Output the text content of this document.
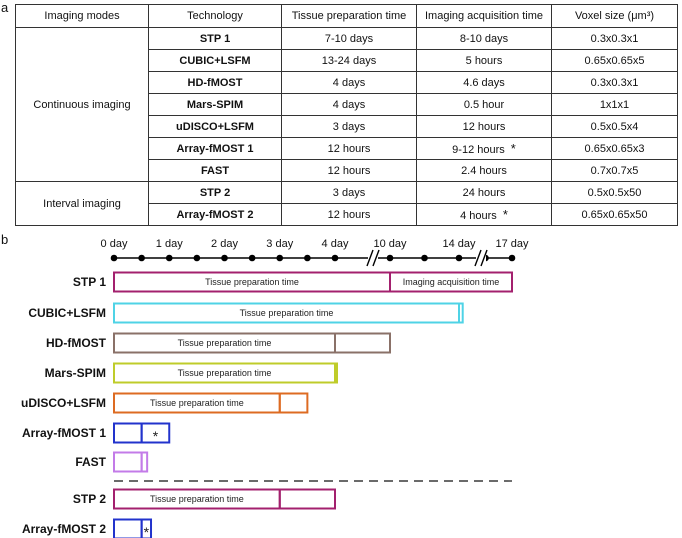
a
Imaging modes	Technology	Tissue preparation time	Imaging acquisition time	Voxel size (μm³)
Continuous imaging	STP 1	7-10 days	8-10 days	0.3x0.3x1
	CUBIC+LSFM	13-24 days	5 hours	0.65x0.65x5
	HD-fMOST	4 days	4.6 days	0.3x0.3x1
	Mars-SPIM	4 days	0.5 hour	1x1x1
	uDISCO+LSFM	3 days	12 hours	0.5x0.5x4
	Array-fMOST 1	12 hours	9-12 hours *	0.65x0.65x3
	FAST	12 hours	2.4 hours	0.7x0.7x5
Interval imaging	STP 2	3 days	24 hours	0.5x0.5x50
	Array-fMOST 2	12 hours	4 hours *	0.65x0.65x50
b	0 day	1 day	2 day	3 day	4 day 10 day	14 day 17 day
STP 1	Tissue preparation time	Imaging acquisition time
CUBIC+LSFM	Tissue preparation time
HD-fMOST	Tissue preparation time
Mars-SPIM	Tissue preparation time
uDISCO+LSFM	Tissue preparation time
Array-fMOST 1	*
FAST
STP 2	Tissue preparation time
Array-fMOST 2	*
